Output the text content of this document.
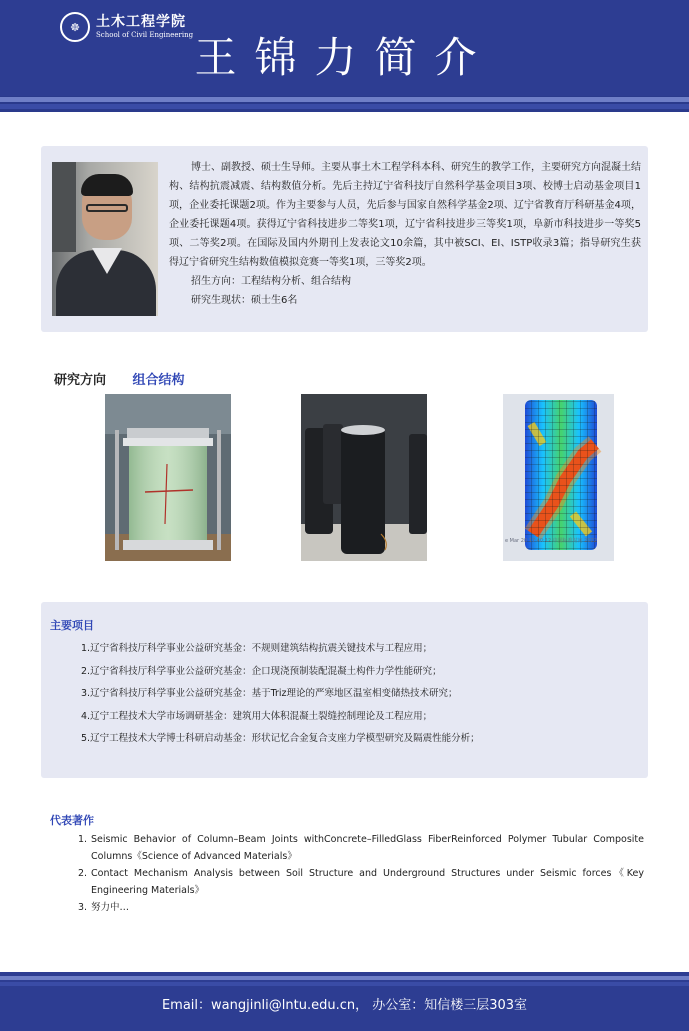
☸	土木工程学院
School of Civil Engineering 王锦力简介

博士、副教授、硕士生导师。主要从事土木工程学科本科、研究生的教学工作，主要研究方向混凝土结构、结构抗震减震、结构数值分析。先后主持辽宁省科技厅自然科学基金项目3项、校博士启动基金项目1项，企业委托课题2项。作为主要参与人员，先后参与国家自然科学基金2项、辽宁省教育厅科研基金4项，企业委托课题4项。获得辽宁省科技进步二等奖1项，辽宁省科技进步三等奖1项，阜新市科技进步一等奖5项、二等奖2项。在国际及国内外期刊上发表论文10余篇，其中被SCI、EI、ISTP收录3篇；指导研究生获得辽宁省研究生结构数值模拟竞赛一等奖1项，三等奖2项。

招生方向：工程结构分析、组合结构

研究生现状：硕士生6名

研究方向 组合结构
e Mar 20 17:40:12 中国标准时间 2022
主要项目
1.辽宁省科技厅科学事业公益研究基金：不规则建筑结构抗震关键技术与工程应用；
2.辽宁省科技厅科学事业公益研究基金：企口现浇预制装配混凝土构件力学性能研究；
3.辽宁省科技厅科学事业公益研究基金：基于Triz理论的严寒地区温室相变储热技术研究；
4.辽宁工程技术大学市场调研基金：建筑用大体积混凝土裂缝控制理论及工程应用；
5.辽宁工程技术大学博士科研启动基金：形状记忆合金复合支座力学模型研究及隔震性能分析；
代表著作
1. Seismic Behavior of Column–Beam Joints withConcrete–FilledGlass FiberReinforced Polymer Tubular Composite Columns《Science of Advanced Materials》
2. Contact Mechanism Analysis between Soil Structure and Underground Structures under Seismic forces《Key Engineering Materials》
3. 努力中…
Email：wangjinli@lntu.edu.cn， 办公室：知信楼三层303室
